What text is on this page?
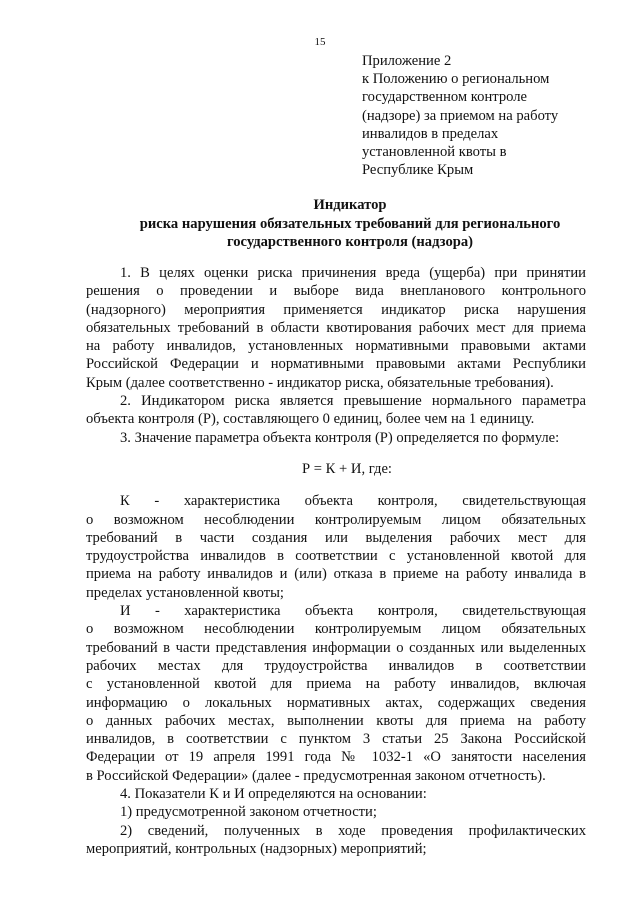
15
Приложение 2
к Положению о региональном
государственном контроле
(надзоре) за приемом на работу
инвалидов в пределах
установленной квоты в
Республике Крым
Индикатор
риска нарушения обязательных требований для регионального
государственного контроля (надзора)
1. В целях оценки риска причинения вреда (ущерба) при принятии
решения о проведении и выборе вида внепланового контрольного
(надзорного) мероприятия применяется индикатор риска нарушения
обязательных требований в области квотирования рабочих мест для приема
на работу инвалидов, установленных нормативными правовыми актами
Российской Федерации и нормативными правовыми актами Республики
Крым (далее соответственно - индикатор риска, обязательные требования).
2. Индикатором риска является превышение нормального параметра
объекта контроля (Р), составляющего 0 единиц, более чем на 1 единицу.
3. Значение параметра объекта контроля (Р) определяется по формуле:
Р = К + И, где:
К - характеристика объекта контроля, свидетельствующая
о возможном несоблюдении контролируемым лицом обязательных
требований в части создания или выделения рабочих мест для
трудоустройства инвалидов в соответствии с установленной квотой для
приема на работу инвалидов и (или) отказа в приеме на работу инвалида в
пределах установленной квоты;
И - характеристика объекта контроля, свидетельствующая
о возможном несоблюдении контролируемым лицом обязательных
требований в части представления информации о созданных или выделенных
рабочих местах для трудоустройства инвалидов в соответствии
с установленной квотой для приема на работу инвалидов, включая
информацию о локальных нормативных актах, содержащих сведения
о данных рабочих местах, выполнении квоты для приема на работу
инвалидов, в соответствии с пунктом 3 статьи 25 Закона Российской
Федерации от 19 апреля 1991 года № 1032-1 «О занятости населения
в Российской Федерации» (далее - предусмотренная законом отчетность).
4. Показатели К и И определяются на основании:
1) предусмотренной законом отчетности;
2) сведений, полученных в ходе проведения профилактических
мероприятий, контрольных (надзорных) мероприятий;
